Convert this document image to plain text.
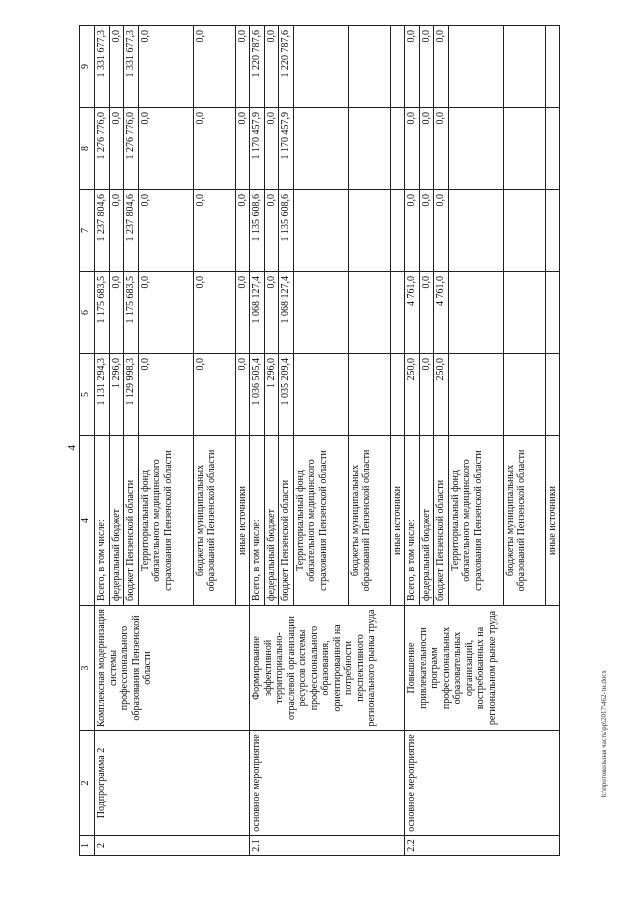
4
1	2	3	4	5	6	7	8	9
2	Подпрограмма 2	Комплексная модернизация системы профессионального образования Пензенской области	Всего, в том числе:	1 131 294,3	1 175 683,5	1 237 804,6	1 276 776,0	1 331 677,3
			федеральный бюджет	1 296,0	0,0	0,0	0,0	0,0
			бюджет Пензенской области	1 129 998,3	1 175 683,5	1 237 804,6	1 276 776,0	1 331 677,3
			Территориальный фонд обязательного медицинского страхования Пензенской области	0,0	0,0	0,0	0,0	0,0
			бюджеты муниципальных образований Пензенской области	0,0	0,0	0,0	0,0	0,0
			иные источники	0,0	0,0	0,0	0,0	0,0
2.1	основное мероприятие	Формирование эффективной территориально-отраслевой организации ресурсов системы профессионального образования, ориентированной на потребности перспективного регионального рынка труда	Всего, в том числе:	1 036 505,4	1 068 127,4	1 135 608,6	1 170 457,9	1 220 787,6
			федеральный бюджет	1 296,0	0,0	0,0	0,0	0,0
			бюджет Пензенской области	1 035 209,4	1 068 127,4	1 135 608,6	1 170 457,9	1 220 787,6
			Территориальный фонд обязательного медицинского страхования Пензенской области					
			бюджеты муниципальных образований Пензенской области					
			иные источники					
2.2	основное мероприятие	Повышение привлекательности программ профессиональных образовательных организаций, востребованных на региональном рынке труда	Всего, в том числе:	250,0	4 761,0	0,0	0,0	0,0
			федеральный бюджет	0,0	0,0	0,0	0,0	0,0
			бюджет Пензенской области	250,0	4 761,0	0,0	0,0	0,0
			Территориальный фонд обязательного медицинского страхования Пензенской области					
			бюджеты муниципальных образований Пензенской области					
			иные источники					
h:\протокольная часть\pp\2017\462-ти.docx
